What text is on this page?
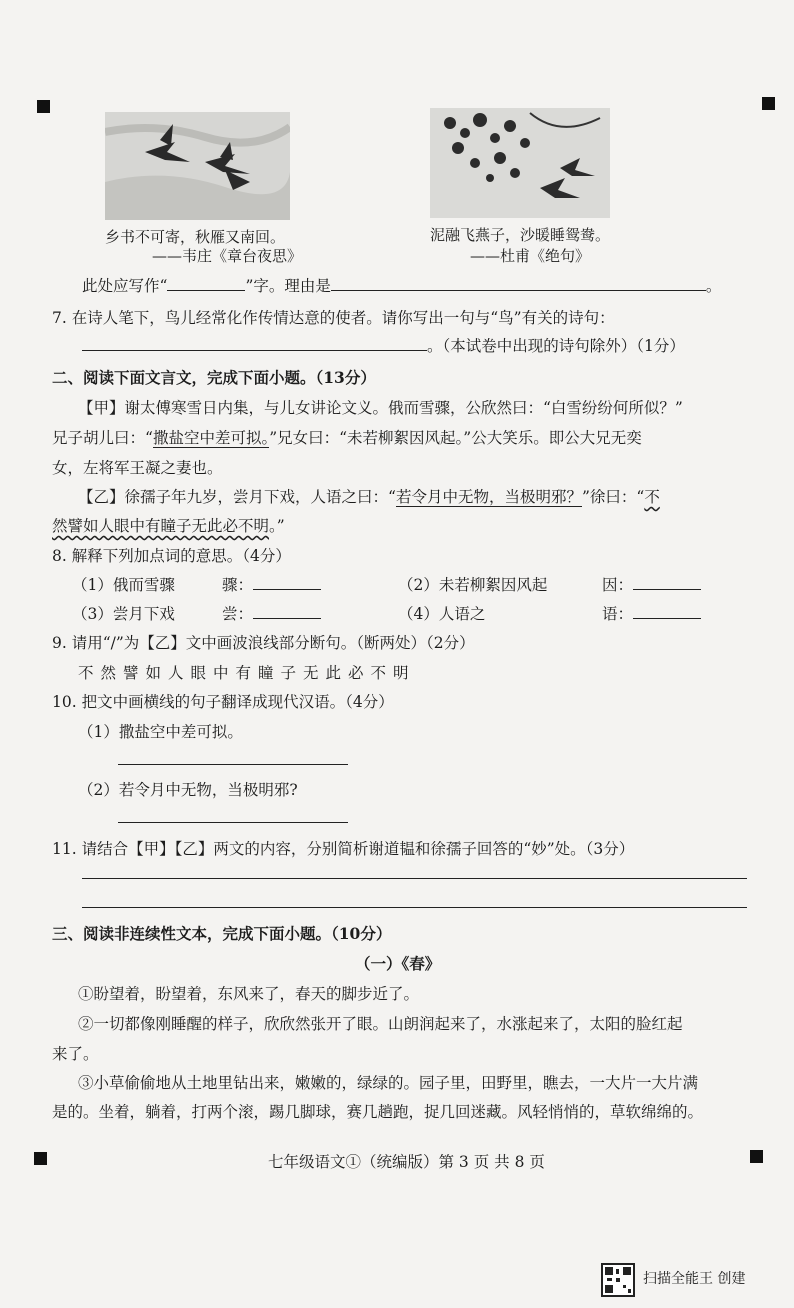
乡书不可寄，秋雁又南回。
——韦庄《章台夜思》
泥融飞燕子，沙暖睡鸳鸯。
——杜甫《绝句》
此处应写作“	”字。理由是	。
7. 在诗人笔下，鸟儿经常化作传情达意的使者。请你写出一句与“鸟”有关的诗句：
。（本试卷中出现的诗句除外）（1分）
二、阅读下面文言文，完成下面小题。（13分）
【甲】谢太傅寒雪日内集，与儿女讲论文义。俄而雪骤，公欣然曰：“白雪纷纷何所似？”
兄子胡儿曰：“撒盐空中差可拟。”兄女曰：“未若柳絮因风起。”公大笑乐。即公大兄无奕
女，左将军王凝之妻也。
【乙】徐孺子年九岁，尝月下戏，人语之曰：“若令月中无物，当极明邪？”徐曰：“不
然譬如人眼中有瞳子无此必不明。”
8. 解释下列加点词的意思。（4分）
（1）俄而雪骤	骤：	（2）未若柳絮因风起	因：
（3）尝月下戏	尝：	（4）人语之	语：
9. 请用“/”为【乙】文中画波浪线部分断句。（断两处）（2分）
不然譬如人眼中有瞳子无此必不明
10. 把文中画横线的句子翻译成现代汉语。（4分）
（1）撒盐空中差可拟。
（2）若令月中无物，当极明邪?
11. 请结合【甲】【乙】两文的内容，分别简析谢道韫和徐孺子回答的“妙”处。（3分）
三、阅读非连续性文本，完成下面小题。（10分）
（一）《春》
①盼望着，盼望着，东风来了，春天的脚步近了。
②一切都像刚睡醒的样子，欣欣然张开了眼。山朗润起来了，水涨起来了，太阳的脸红起
来了。
③小草偷偷地从土地里钻出来，嫩嫩的，绿绿的。园子里，田野里，瞧去，一大片一大片满
是的。坐着，躺着，打两个滚，踢几脚球，赛几趟跑，捉几回迷藏。风轻悄悄的，草软绵绵的。
七年级语文①（统编版）第 3 页 共 8 页
扫描全能王 创建
